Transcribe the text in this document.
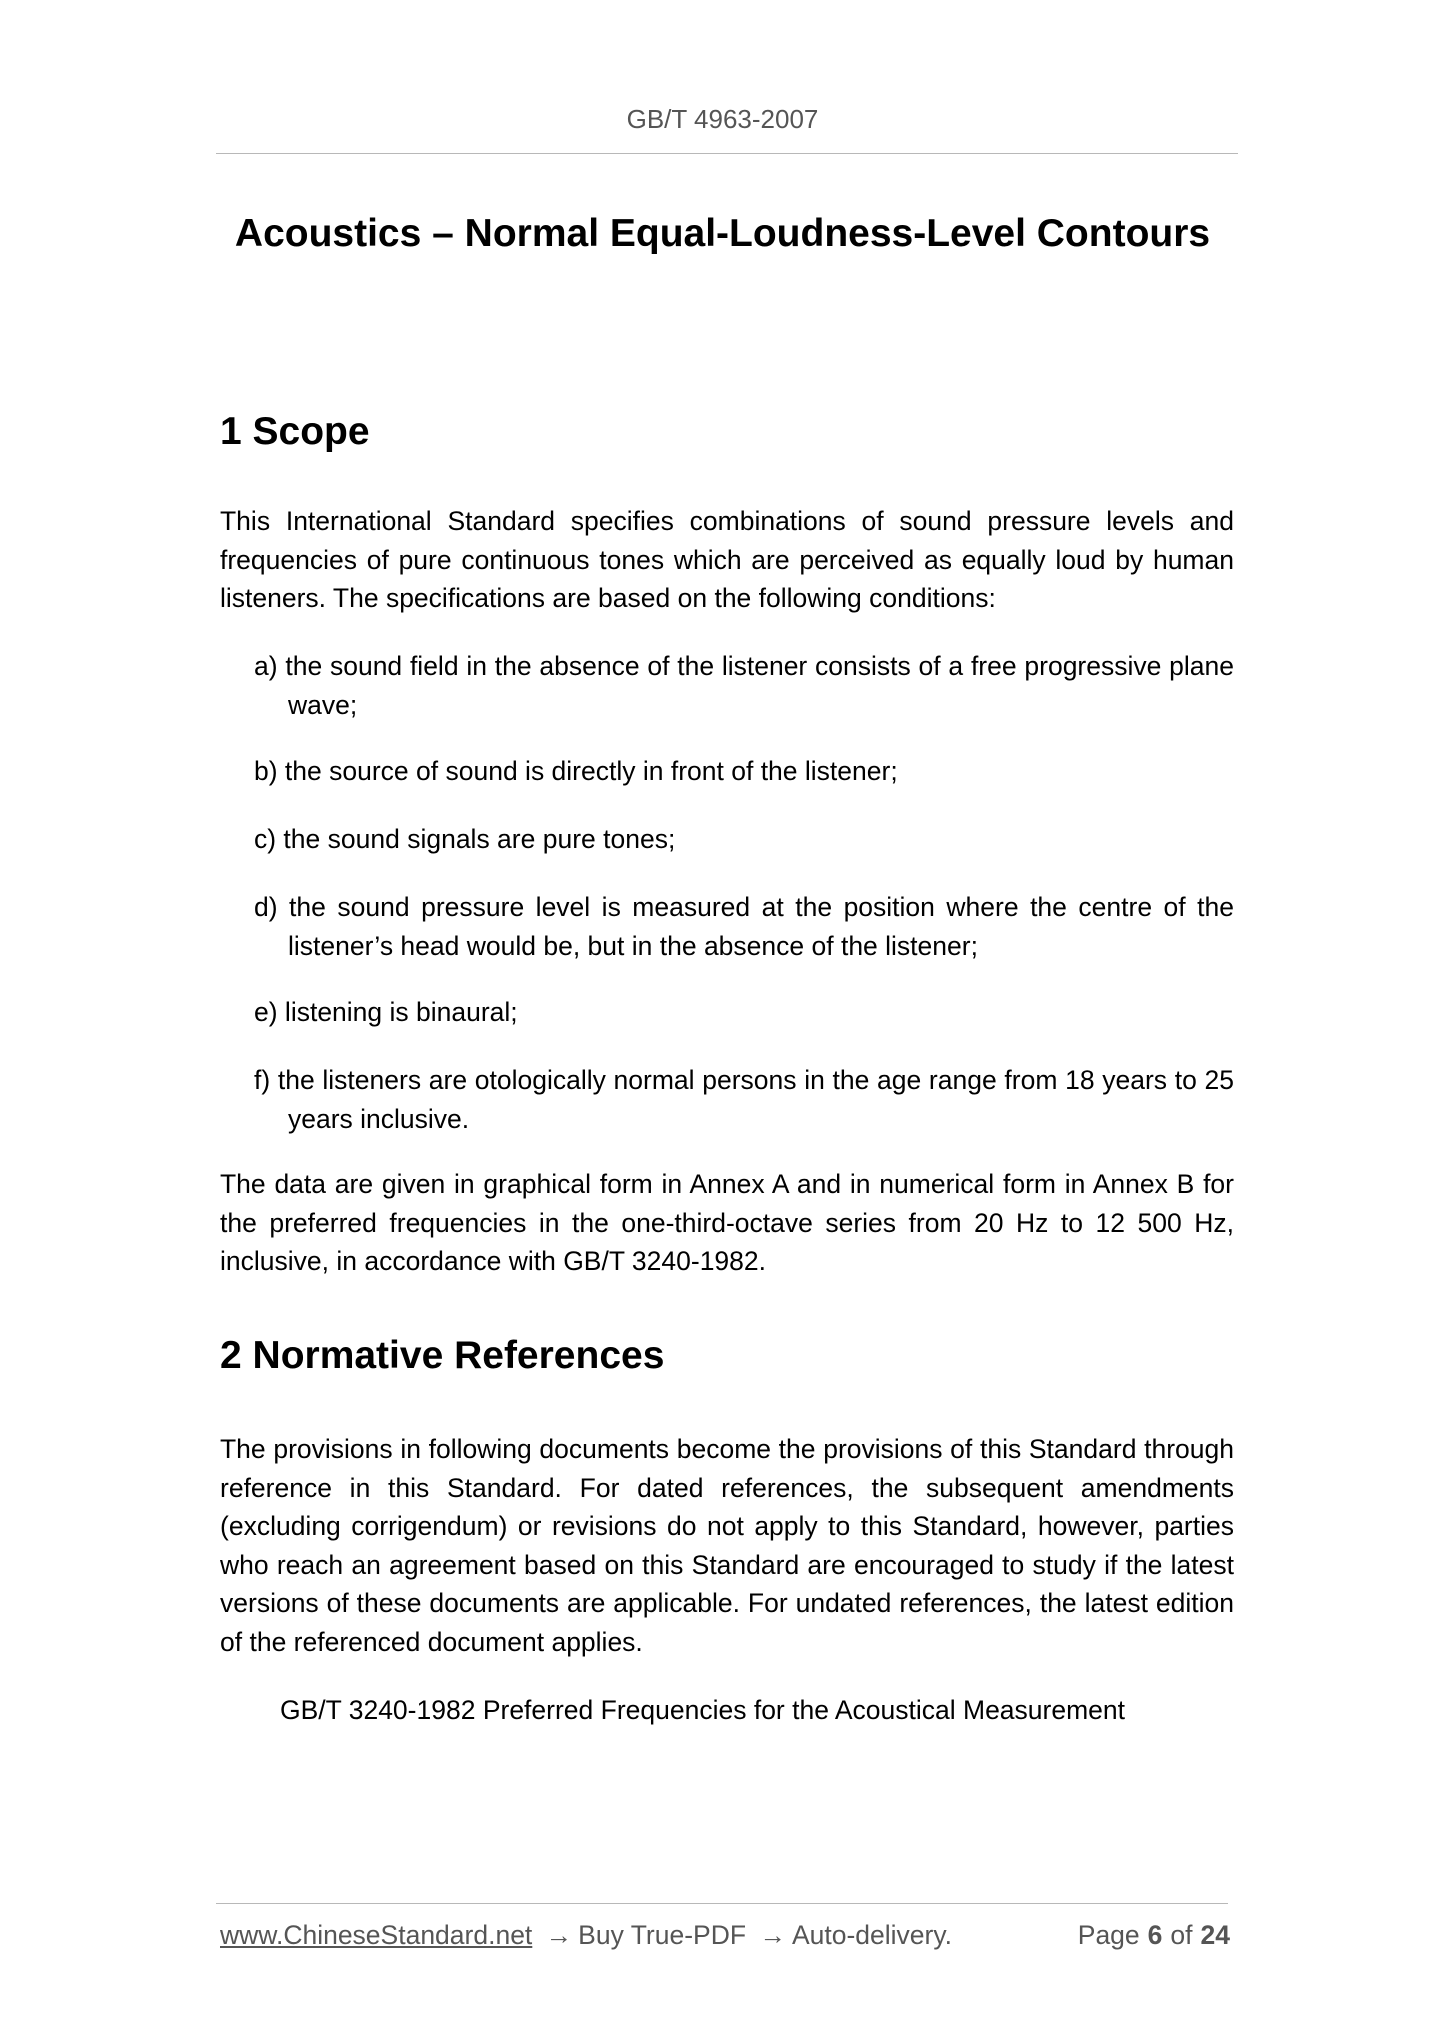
GB/T 4963-2007
Acoustics – Normal Equal-Loudness-Level Contours
1 Scope

This International Standard specifies combinations of sound pressure levels and frequencies of pure continuous tones which are perceived as equally loud by human listeners. The specifications are based on the following conditions:

a) the sound field in the absence of the listener consists of a free progressive plane wave;

b) the source of sound is directly in front of the listener;

c) the sound signals are pure tones;

d) the sound pressure level is measured at the position where the centre of the listener’s head would be, but in the absence of the listener;

e) listening is binaural;

f) the listeners are otologically normal persons in the age range from 18 years to 25 years inclusive.

The data are given in graphical form in Annex A and in numerical form in Annex B for the preferred frequencies in the one-third-octave series from 20 Hz to 12 500 Hz, inclusive, in accordance with GB/T 3240-1982.

2 Normative References

The provisions in following documents become the provisions of this Standard through reference in this Standard. For dated references, the subsequent amendments (excluding corrigendum) or revisions do not apply to this Standard, however, parties who reach an agreement based on this Standard are encouraged to study if the latest versions of these documents are applicable. For undated references, the latest edition of the referenced document applies.

GB/T 3240-1982 Preferred Frequencies for the Acoustical Measurement

www.ChineseStandard.net → Buy True-PDF → Auto-delivery.	Page 6 of 24
